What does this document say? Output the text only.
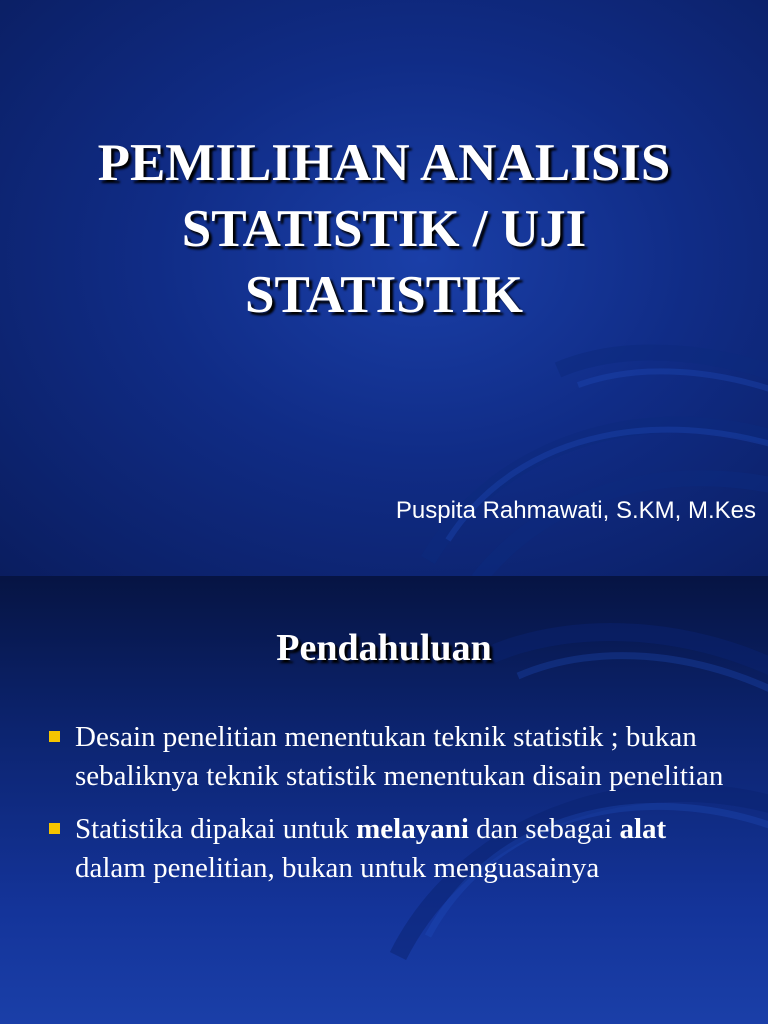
PEMILIHAN ANALISIS
STATISTIK / UJI
STATISTIK
Puspita Rahmawati, S.KM, M.Kes
Pendahuluan
Desain penelitian menentukan teknik statistik ; bukan sebaliknya teknik statistik menentukan disain penelitian
Statistika dipakai untuk melayani dan sebagai alat dalam penelitian, bukan untuk menguasainya
